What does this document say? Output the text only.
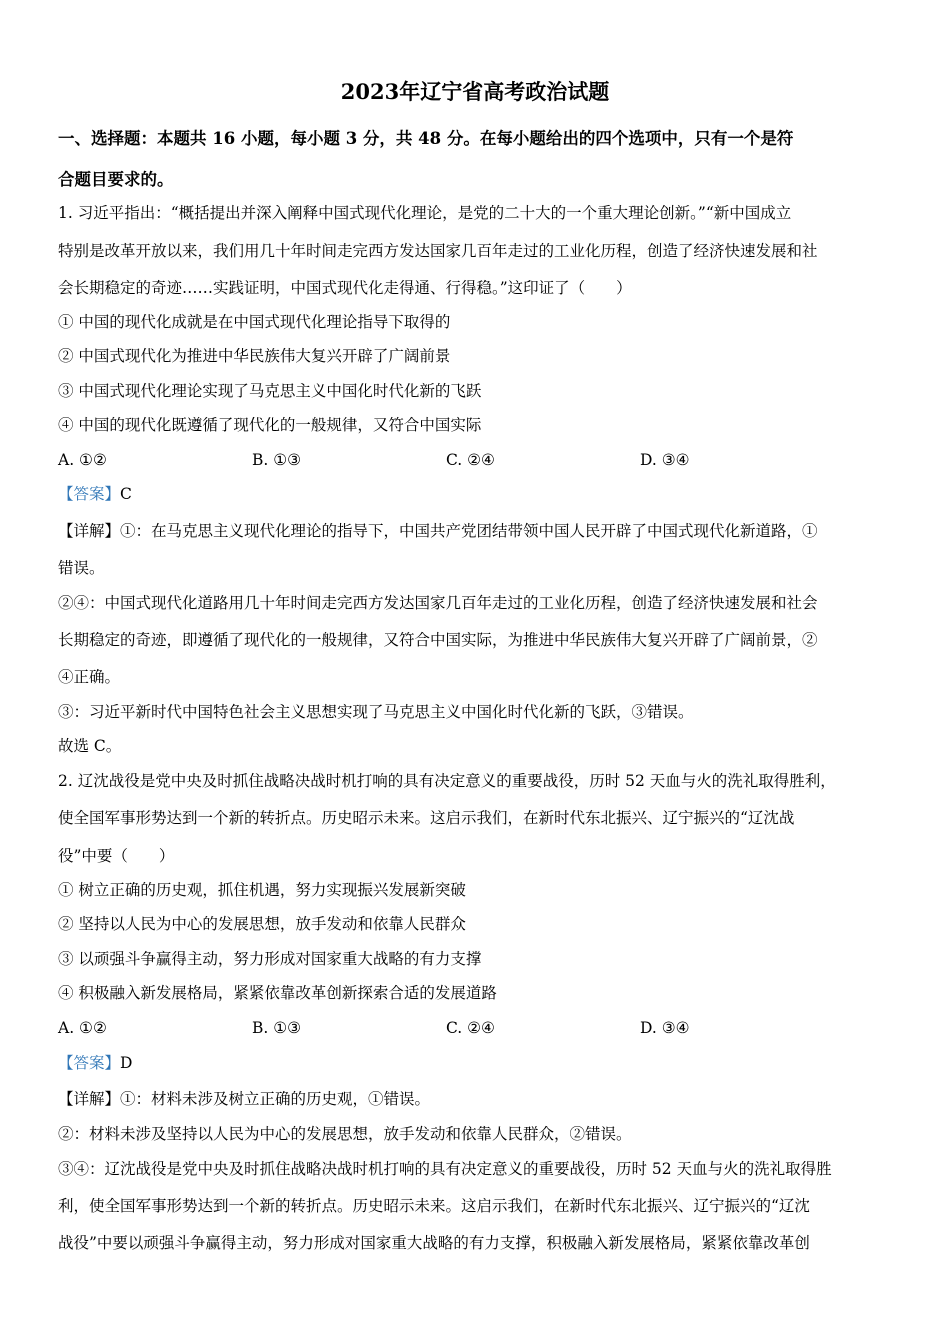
2023年辽宁省高考政治试题
一、选择题：本题共 16 小题，每小题 3 分，共 48 分。在每小题给出的四个选项中，只有一个是符
合题目要求的。
1. 习近平指出：“概括提出并深入阐释中国式现代化理论，是党的二十大的一个重大理论创新。”“新中国成立
特别是改革开放以来，我们用几十年时间走完西方发达国家几百年走过的工业化历程，创造了经济快速发展和社
会长期稳定的奇迹……实践证明，中国式现代化走得通、行得稳。”这印证了（　　）
① 中国的现代化成就是在中国式现代化理论指导下取得的
② 中国式现代化为推进中华民族伟大复兴开辟了广阔前景
③ 中国式现代化理论实现了马克思主义中国化时代化新的飞跃
④ 中国的现代化既遵循了现代化的一般规律，又符合中国实际
A. ①②	B. ①③	C. ②④	D. ③④
【答案】C
【详解】①：在马克思主义现代化理论的指导下，中国共产党团结带领中国人民开辟了中国式现代化新道路，①
错误。
②④：中国式现代化道路用几十年时间走完西方发达国家几百年走过的工业化历程，创造了经济快速发展和社会
长期稳定的奇迹，即遵循了现代化的一般规律，又符合中国实际，为推进中华民族伟大复兴开辟了广阔前景，②
④正确。
③：习近平新时代中国特色社会主义思想实现了马克思主义中国化时代化新的飞跃，③错误。
故选 C。
2. 辽沈战役是党中央及时抓住战略决战时机打响的具有决定意义的重要战役，历时 52 天血与火的洗礼取得胜利，
使全国军事形势达到一个新的转折点。历史昭示未来。这启示我们，在新时代东北振兴、辽宁振兴的“辽沈战
役”中要（　　）
① 树立正确的历史观，抓住机遇，努力实现振兴发展新突破
② 坚持以人民为中心的发展思想，放手发动和依靠人民群众
③ 以顽强斗争赢得主动，努力形成对国家重大战略的有力支撑
④ 积极融入新发展格局，紧紧依靠改革创新探索合适的发展道路
A. ①②	B. ①③	C. ②④	D. ③④
【答案】D
【详解】①：材料未涉及树立正确的历史观，①错误。
②：材料未涉及坚持以人民为中心的发展思想，放手发动和依靠人民群众，②错误。
③④：辽沈战役是党中央及时抓住战略决战时机打响的具有决定意义的重要战役，历时 52 天血与火的洗礼取得胜
利，使全国军事形势达到一个新的转折点。历史昭示未来。这启示我们，在新时代东北振兴、辽宁振兴的“辽沈
战役”中要以顽强斗争赢得主动，努力形成对国家重大战略的有力支撑，积极融入新发展格局，紧紧依靠改革创
